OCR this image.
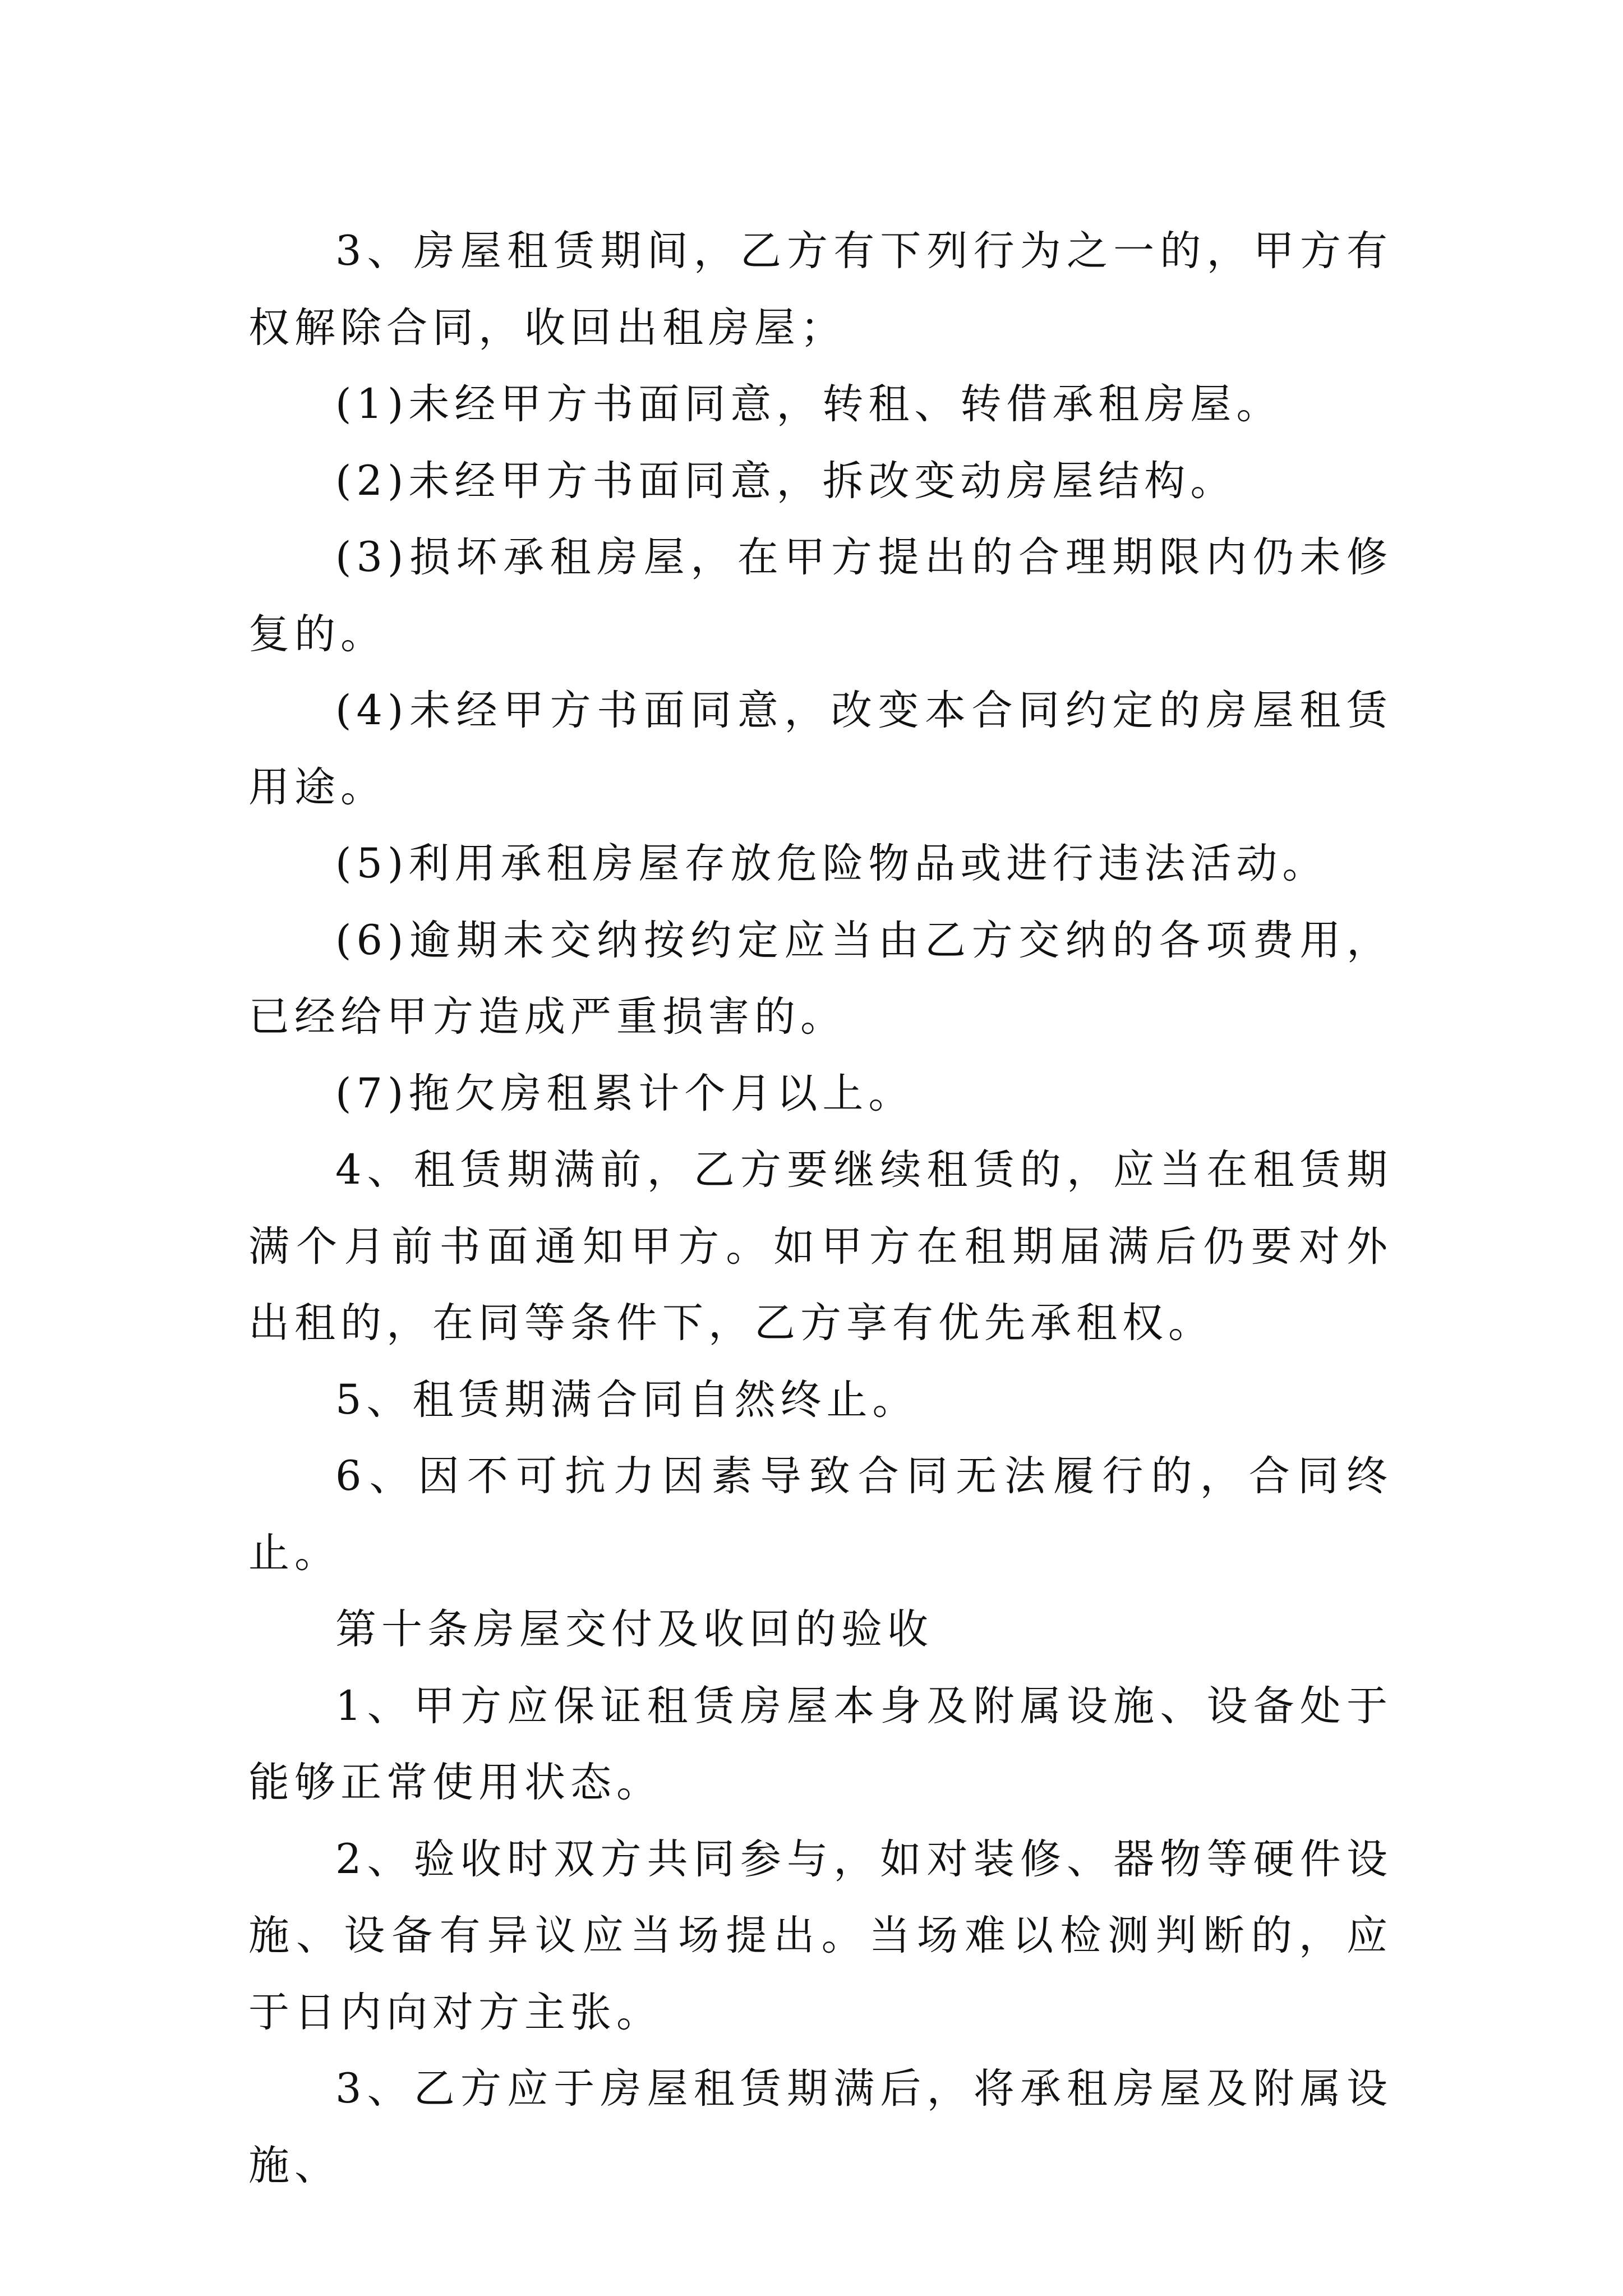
3、房屋租赁期间，乙方有下列行为之一的，甲方有权解除合同，收回出租房屋；

(1)未经甲方书面同意，转租、转借承租房屋。

(2)未经甲方书面同意，拆改变动房屋结构。

(3)损坏承租房屋，在甲方提出的合理期限内仍未修复的。

(4)未经甲方书面同意，改变本合同约定的房屋租赁用途。

(5)利用承租房屋存放危险物品或进行违法活动。

(6)逾期未交纳按约定应当由乙方交纳的各项费用，已经给甲方造成严重损害的。

(7)拖欠房租累计个月以上。

4、租赁期满前，乙方要继续租赁的，应当在租赁期满个月前书面通知甲方。如甲方在租期届满后仍要对外出租的，在同等条件下，乙方享有优先承租权。

5、租赁期满合同自然终止。

6、因不可抗力因素导致合同无法履行的，合同终止。

第十条房屋交付及收回的验收

1、甲方应保证租赁房屋本身及附属设施、设备处于能够正常使用状态。

2、验收时双方共同参与，如对装修、器物等硬件设施、设备有异议应当场提出。当场难以检测判断的，应于日内向对方主张。

3、乙方应于房屋租赁期满后，将承租房屋及附属设施、
